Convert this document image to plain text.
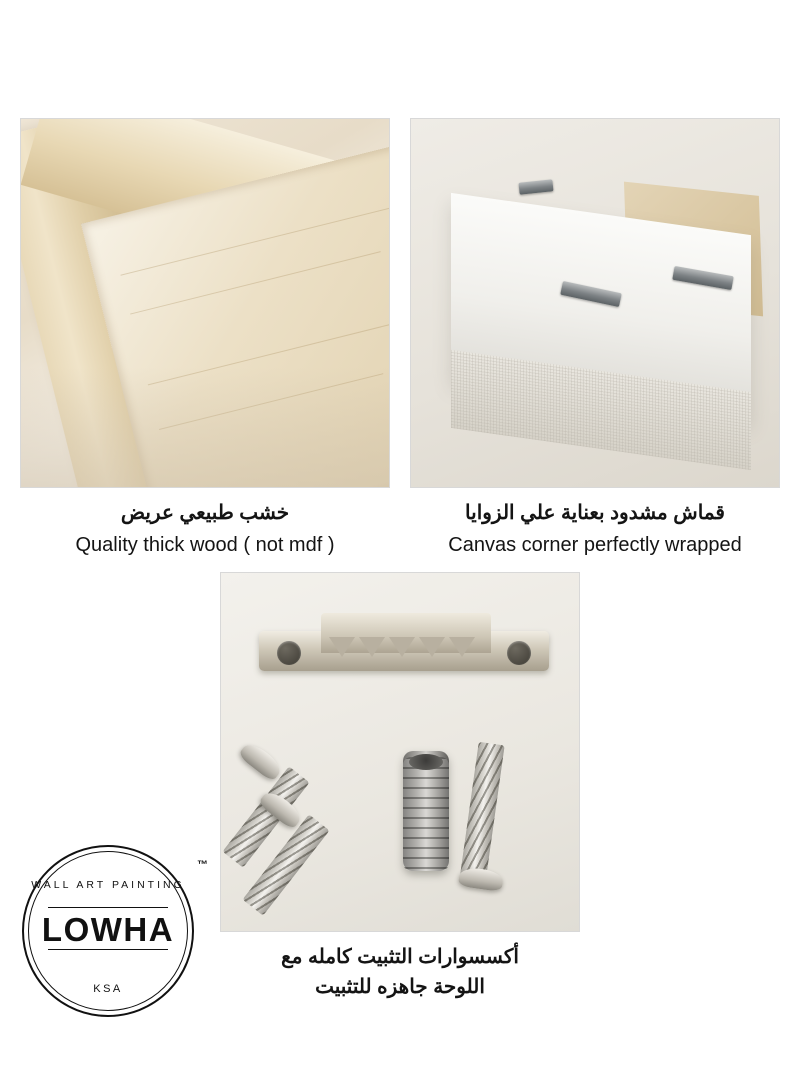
خشب طبيعي عريض
Quality thick wood ( not mdf )
قماش مشدود بعناية علي الزوايا
Canvas corner perfectly wrapped
أكسسوارات التثبيت كامله مع
اللوحة جاهزه للتثبيت
WALL ART PAINTING
LOWHA
KSA
™
